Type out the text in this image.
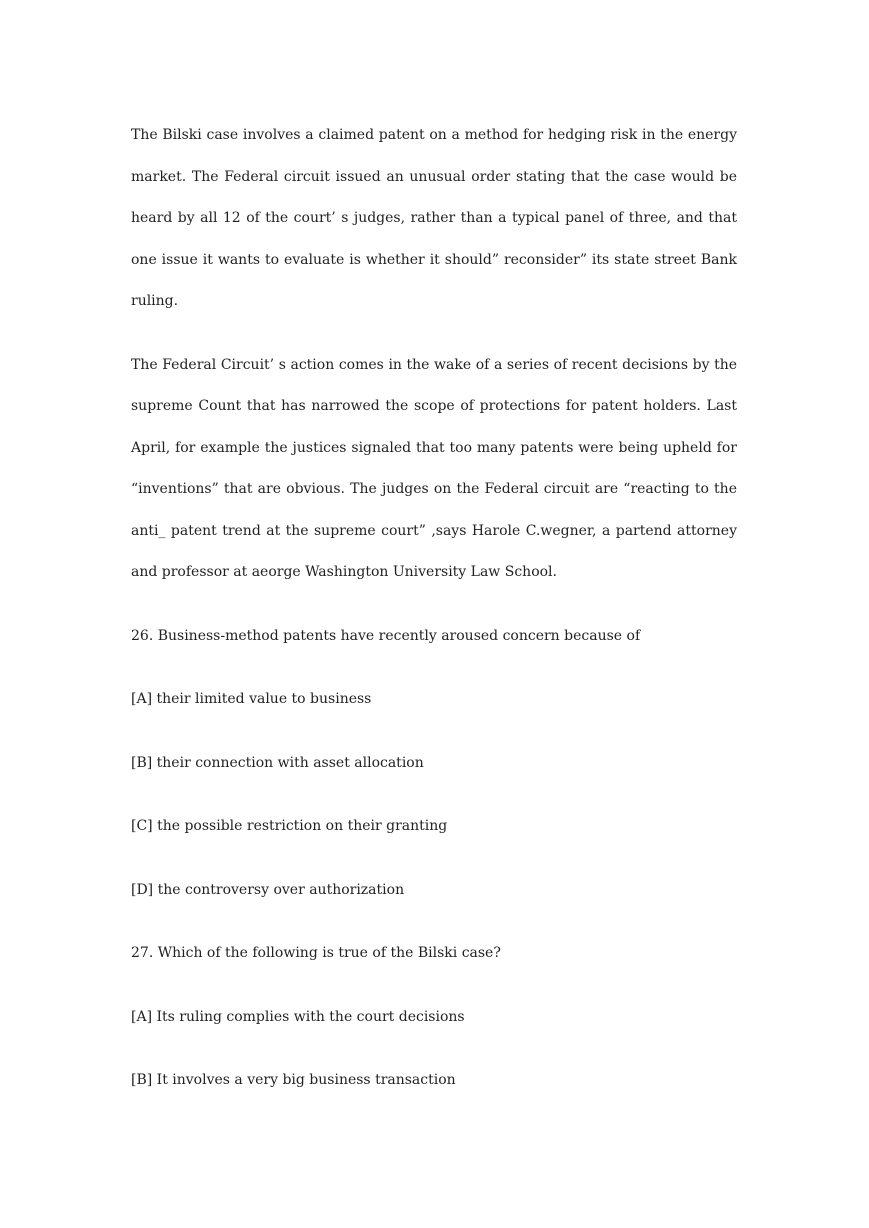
The Bilski case involves a claimed patent on a method for hedging risk in the energy market. The Federal circuit issued an unusual order stating that the case would be heard by all 12 of the court’ s judges, rather than a typical panel of three, and that one issue it wants to evaluate is whether it should” reconsider” its state street Bank ruling.

The Federal Circuit’ s action comes in the wake of a series of recent decisions by the supreme Count that has narrowed the scope of protections for patent holders. Last April, for example the justices signaled that too many patents were being upheld for “inventions” that are obvious. The judges on the Federal circuit are “reacting to the anti_ patent trend at the supreme court” ,says Harole C.wegner, a partend attorney and professor at aeorge Washington University Law School.

26. Business-method patents have recently aroused concern because of

[A] their limited value to business

[B] their connection with asset allocation

[C] the possible restriction on their granting

[D] the controversy over authorization

27. Which of the following is true of the Bilski case?

[A] Its ruling complies with the court decisions

[B] It involves a very big business transaction
